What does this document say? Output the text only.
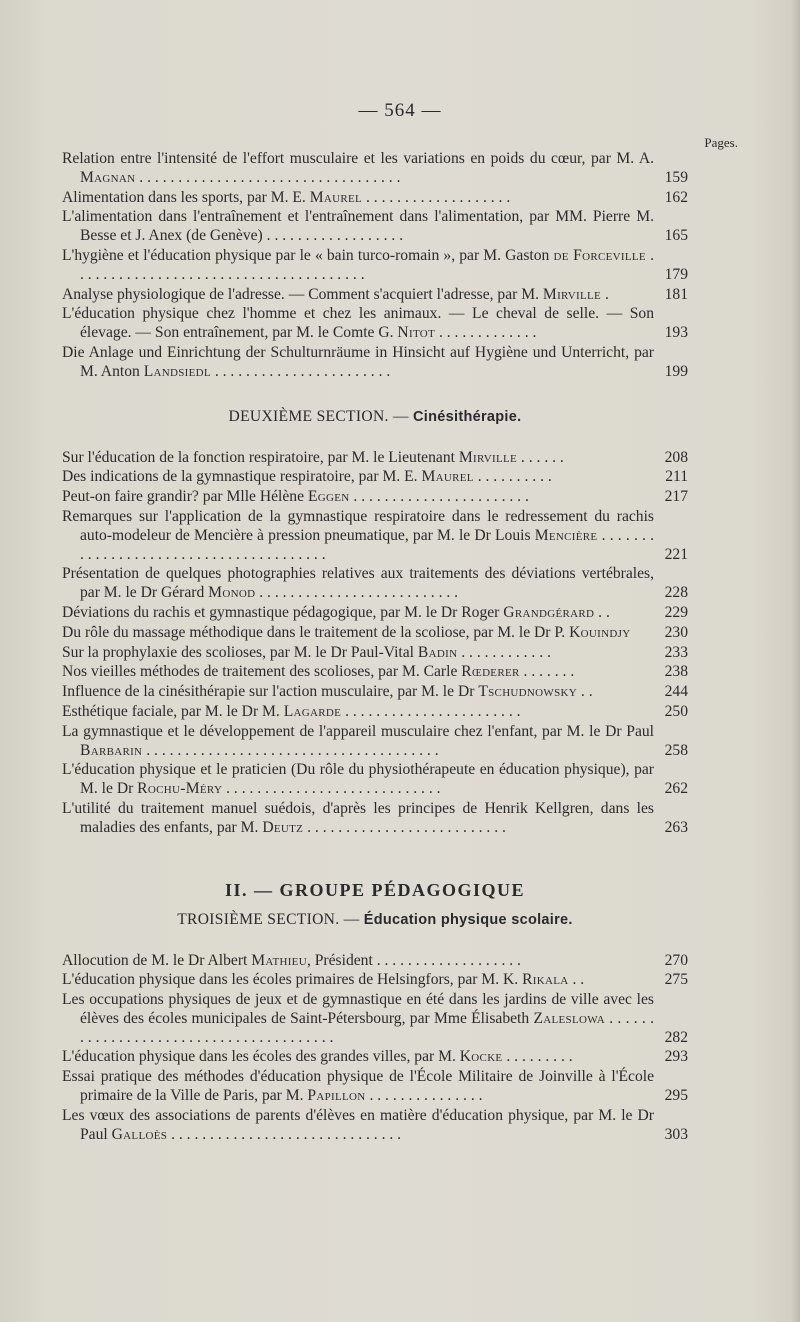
— 564 —
Pages.
Relation entre l'intensité de l'effort musculaire et les variations en poids du cœur, par M. A. Magnan . . . . . . . . . . . . . . . . . . . . . . . . . . . . . . . . . .	159
Alimentation dans les sports, par M. E. Maurel . . . . . . . . . . . . . . . . . . .	162
L'alimentation dans l'entraînement et l'entraînement dans l'alimentation, par MM. Pierre M. Besse et J. Anex (de Genève) . . . . . . . . . . . . . . . . . .	165
L'hygiène et l'éducation physique par le « bain turco-romain », par M. Gaston de Forceville . . . . . . . . . . . . . . . . . . . . . . . . . . . . . . . . . . . . . .	179
Analyse physiologique de l'adresse. — Comment s'acquiert l'adresse, par M. Mirville .	181
L'éducation physique chez l'homme et chez les animaux. — Le cheval de selle. — Son élevage. — Son entraînement, par M. le Comte G. Nitot . . . . . . . . . . . . .	193
Die Anlage und Einrichtung der Schulturnräume in Hinsicht auf Hygiène und Unterricht, par M. Anton Landsiedl . . . . . . . . . . . . . . . . . . . . . . .	199
DEUXIÈME SECTION. — Cinésithérapie.
Sur l'éducation de la fonction respiratoire, par M. le Lieutenant Mirville . . . . . .	208
Des indications de la gymnastique respiratoire, par M. E. Maurel . . . . . . . . . .	211
Peut-on faire grandir? par Mlle Hélène Eggen . . . . . . . . . . . . . . . . . . . . . . .	217
Remarques sur l'application de la gymnastique respiratoire dans le redressement du rachis auto-modeleur de Mencière à pression pneumatique, par M. le Dr Louis Mencière . . . . . . . . . . . . . . . . . . . . . . . . . . . . . . . . . . . . . . .	221
Présentation de quelques photographies relatives aux traitements des déviations vertébrales, par M. le Dr Gérard Monod . . . . . . . . . . . . . . . . . . . . . . . . . .	228
Déviations du rachis et gymnastique pédagogique, par M. le Dr Roger Grandgérard . .	229
Du rôle du massage méthodique dans le traitement de la scoliose, par M. le Dr P. Kouindjy	230
Sur la prophylaxie des scolioses, par M. le Dr Paul-Vital Badin . . . . . . . . . . . .	233
Nos vieilles méthodes de traitement des scolioses, par M. Carle Rœderer . . . . . . .	238
Influence de la cinésithérapie sur l'action musculaire, par M. le Dr Tschudnowsky . .	244
Esthétique faciale, par M. le Dr M. Lagarde . . . . . . . . . . . . . . . . . . . . . . .	250
La gymnastique et le développement de l'appareil musculaire chez l'enfant, par M. le Dr Paul Barbarin . . . . . . . . . . . . . . . . . . . . . . . . . . . . . . . . . . . . . .	258
L'éducation physique et le praticien (Du rôle du physiothérapeute en éducation physique), par M. le Dr Rochu-Méry . . . . . . . . . . . . . . . . . . . . . . . . . . . .	262
L'utilité du traitement manuel suédois, d'après les principes de Henrik Kellgren, dans les maladies des enfants, par M. Deutz . . . . . . . . . . . . . . . . . . . . . . . . . .	263
II. — GROUPE PÉDAGOGIQUE
TROISIÈME SECTION. — Éducation physique scolaire.
Allocution de M. le Dr Albert Mathieu, Président . . . . . . . . . . . . . . . . . . .	270
L'éducation physique dans les écoles primaires de Helsingfors, par M. K. Rikala . .	275
Les occupations physiques de jeux et de gymnastique en été dans les jardins de ville avec les élèves des écoles municipales de Saint-Pétersbourg, par Mme Élisabeth Zaleslowa . . . . . . . . . . . . . . . . . . . . . . . . . . . . . . . . . . . . . . .	282
L'éducation physique dans les écoles des grandes villes, par M. Kocke . . . . . . . . .	293
Essai pratique des méthodes d'éducation physique de l'École Militaire de Joinville à l'École primaire de la Ville de Paris, par M. Papillon . . . . . . . . . . . . . . .	295
Les vœux des associations de parents d'élèves en matière d'éducation physique, par M. le Dr Paul Galloès . . . . . . . . . . . . . . . . . . . . . . . . . . . . . .	303
